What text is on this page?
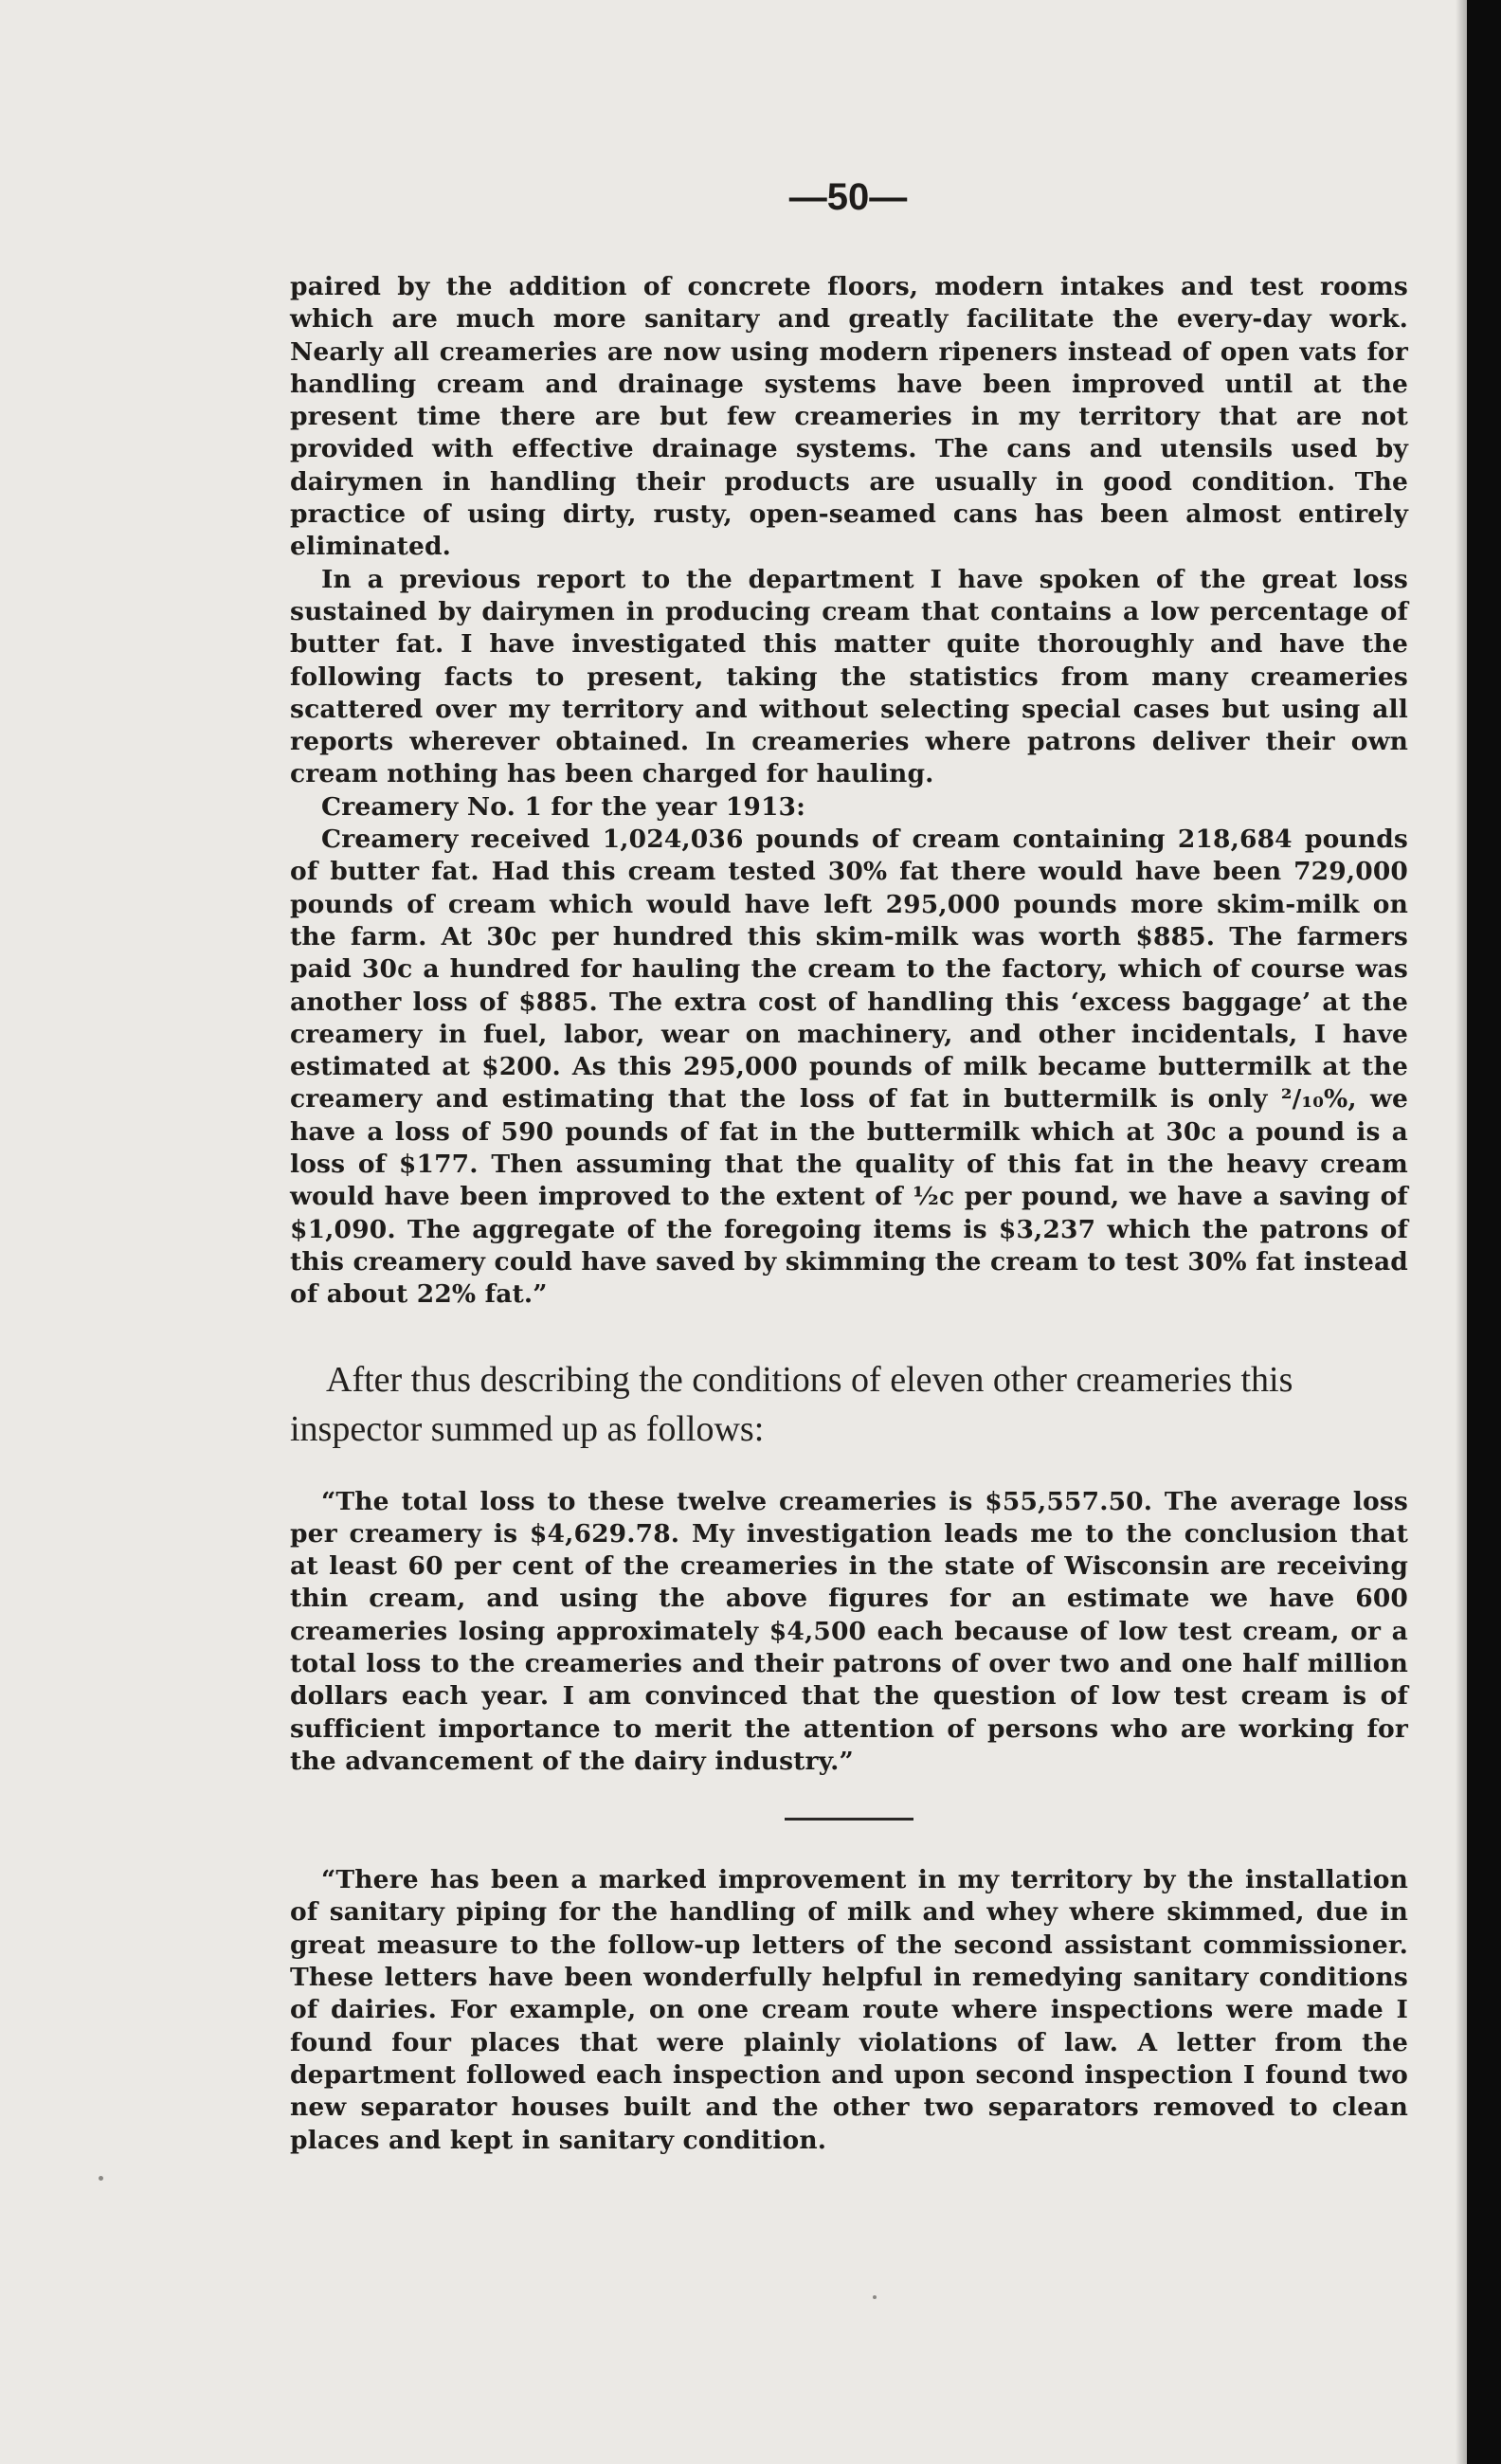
—50—

paired by the addition of concrete floors, modern intakes and test rooms which are much more sanitary and greatly facilitate the every-day work. Nearly all creameries are now using modern ripeners instead of open vats for handling cream and drainage systems have been improved until at the present time there are but few creameries in my territory that are not provided with effective drainage systems. The cans and utensils used by dairymen in handling their products are usually in good condition. The practice of using dirty, rusty, open-seamed cans has been almost entirely eliminated.

In a previous report to the department I have spoken of the great loss sustained by dairymen in producing cream that contains a low percentage of butter fat. I have investigated this matter quite thoroughly and have the following facts to present, taking the statistics from many creameries scattered over my territory and without selecting special cases but using all reports wherever obtained. In creameries where patrons deliver their own cream nothing has been charged for hauling.

Creamery No. 1 for the year 1913:

Creamery received 1,024,036 pounds of cream containing 218,684 pounds of butter fat. Had this cream tested 30% fat there would have been 729,000 pounds of cream which would have left 295,000 pounds more skim-milk on the farm. At 30c per hundred this skim-milk was worth $885. The farmers paid 30c a hundred for hauling the cream to the factory, which of course was another loss of $885. The extra cost of handling this ‘excess baggage’ at the creamery in fuel, labor, wear on machinery, and other incidentals, I have estimated at $200. As this 295,000 pounds of milk became buttermilk at the creamery and estimating that the loss of fat in buttermilk is only ²/₁₀%, we have a loss of 590 pounds of fat in the buttermilk which at 30c a pound is a loss of $177. Then assuming that the quality of this fat in the heavy cream would have been improved to the extent of ½c per pound, we have a saving of $1,090. The aggregate of the foregoing items is $3,237 which the patrons of this creamery could have saved by skimming the cream to test 30% fat instead of about 22% fat.”

After thus describing the conditions of eleven other creameries this inspector summed up as follows:

“The total loss to these twelve creameries is $55,557.50. The average loss per creamery is $4,629.78. My investigation leads me to the conclusion that at least 60 per cent of the creameries in the state of Wisconsin are receiving thin cream, and using the above figures for an estimate we have 600 creameries losing approximately $4,500 each because of low test cream, or a total loss to the creameries and their patrons of over two and one half million dollars each year. I am convinced that the question of low test cream is of sufficient importance to merit the attention of persons who are working for the advancement of the dairy industry.”

“There has been a marked improvement in my territory by the installation of sanitary piping for the handling of milk and whey where skimmed, due in great measure to the follow-up letters of the second assistant commissioner. These letters have been wonderfully helpful in remedying sanitary conditions of dairies. For example, on one cream route where inspections were made I found four places that were plainly violations of law. A letter from the department followed each inspection and upon second inspection I found two new separator houses built and the other two separators removed to clean places and kept in sanitary condition.
